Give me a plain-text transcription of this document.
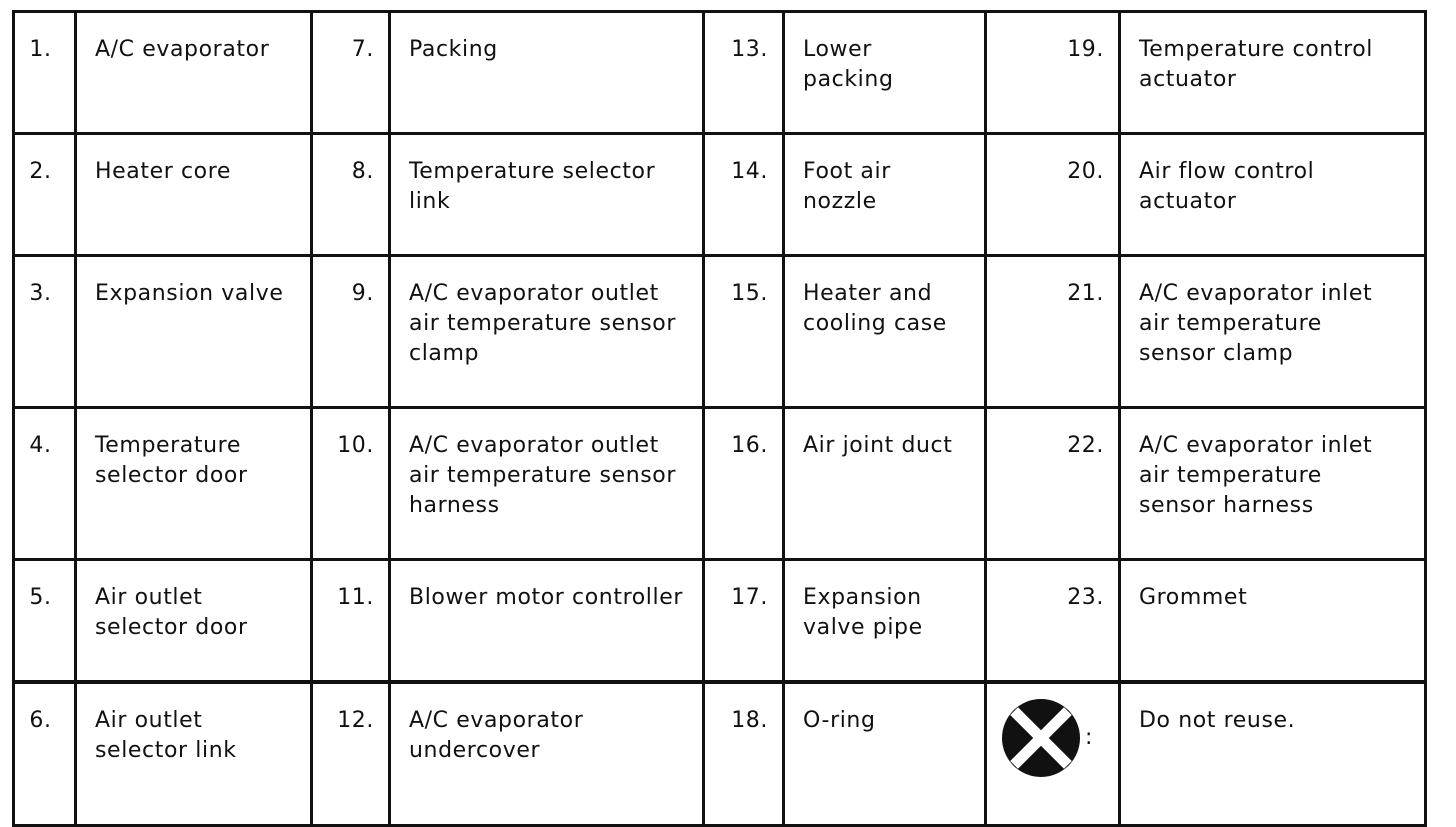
1.	A/C evaporator	7.	Packing	13.	Lower packing	19.	Temperature control actuator
2.	Heater core	8.	Temperature selector link	14.	Foot air nozzle	20.	Air flow control actuator
3.	Expansion valve	9.	A/C evaporator outlet air temperature sensor clamp	15.	Heater and cooling case	21.	A/C evaporator inlet air temperature sensor clamp
4.	Temperature selector door	10.	A/C evaporator outlet air temperature sensor harness	16.	Air joint duct	22.	A/C evaporator inlet air temperature sensor harness
5.	Air outlet selector door	11.	Blower motor controller	17.	Expansion valve pipe	23.	Grommet
6.	Air outlet selector link	12.	A/C evaporator undercover	18.	O-ring	:	Do not reuse.
